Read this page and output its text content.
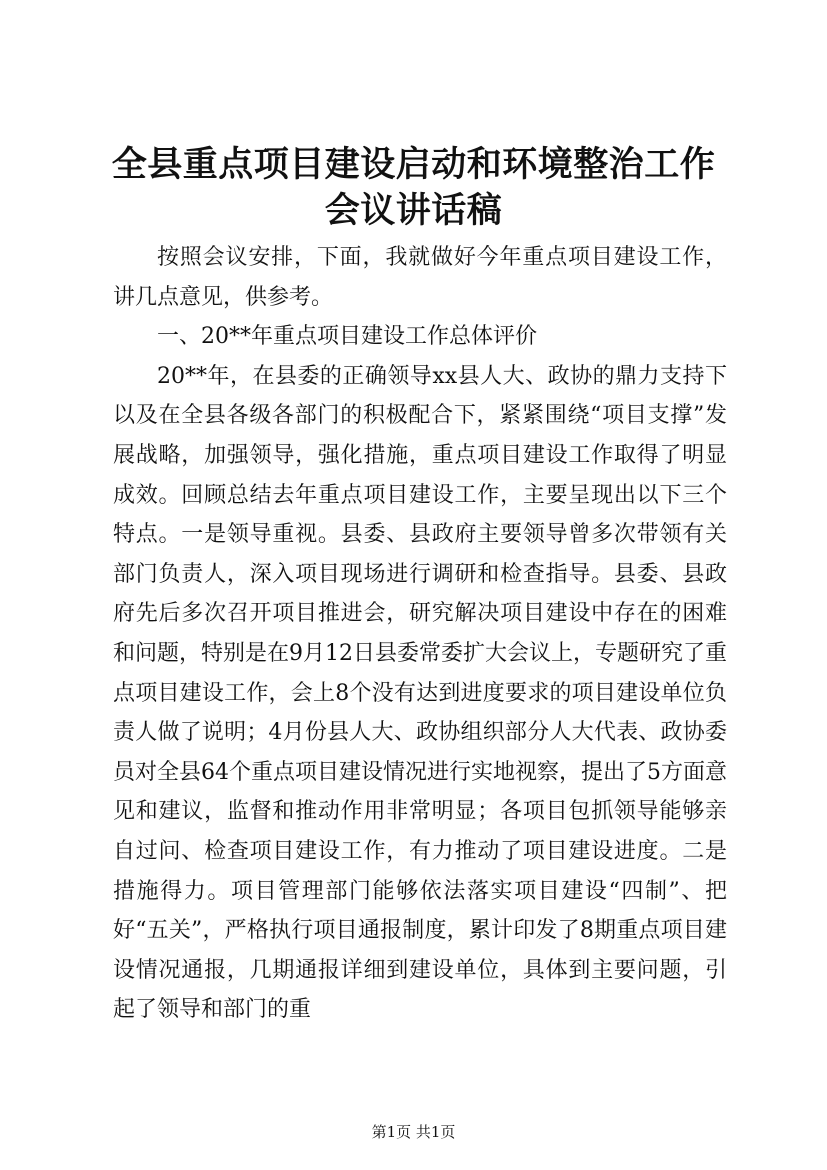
全县重点项目建设启动和环境整治工作会议讲话稿

按照会议安排，下面，我就做好今年重点项目建设工作，讲几点意见，供参考。

一、20**年重点项目建设工作总体评价

20**年，在县委的正确领导xx县人大、政协的鼎力支持下以及在全县各级各部门的积极配合下，紧紧围绕“项目支撑”发展战略，加强领导，强化措施，重点项目建设工作取得了明显成效。回顾总结去年重点项目建设工作，主要呈现出以下三个特点。一是领导重视。县委、县政府主要领导曾多次带领有关部门负责人，深入项目现场进行调研和检查指导。县委、县政府先后多次召开项目推进会，研究解决项目建设中存在的困难和问题，特别是在9月12日县委常委扩大会议上，专题研究了重点项目建设工作，会上8个没有达到进度要求的项目建设单位负责人做了说明；4月份县人大、政协组织部分人大代表、政协委员对全县64个重点项目建设情况进行实地视察，提出了5方面意见和建议，监督和推动作用非常明显；各项目包抓领导能够亲自过问、检查项目建设工作，有力推动了项目建设进度。二是措施得力。项目管理部门能够依法落实项目建设“四制”、把好“五关”，严格执行项目通报制度，累计印发了8期重点项目建设情况通报，几期通报详细到建设单位，具体到主要问题，引起了领导和部门的重

第1页 共1页
